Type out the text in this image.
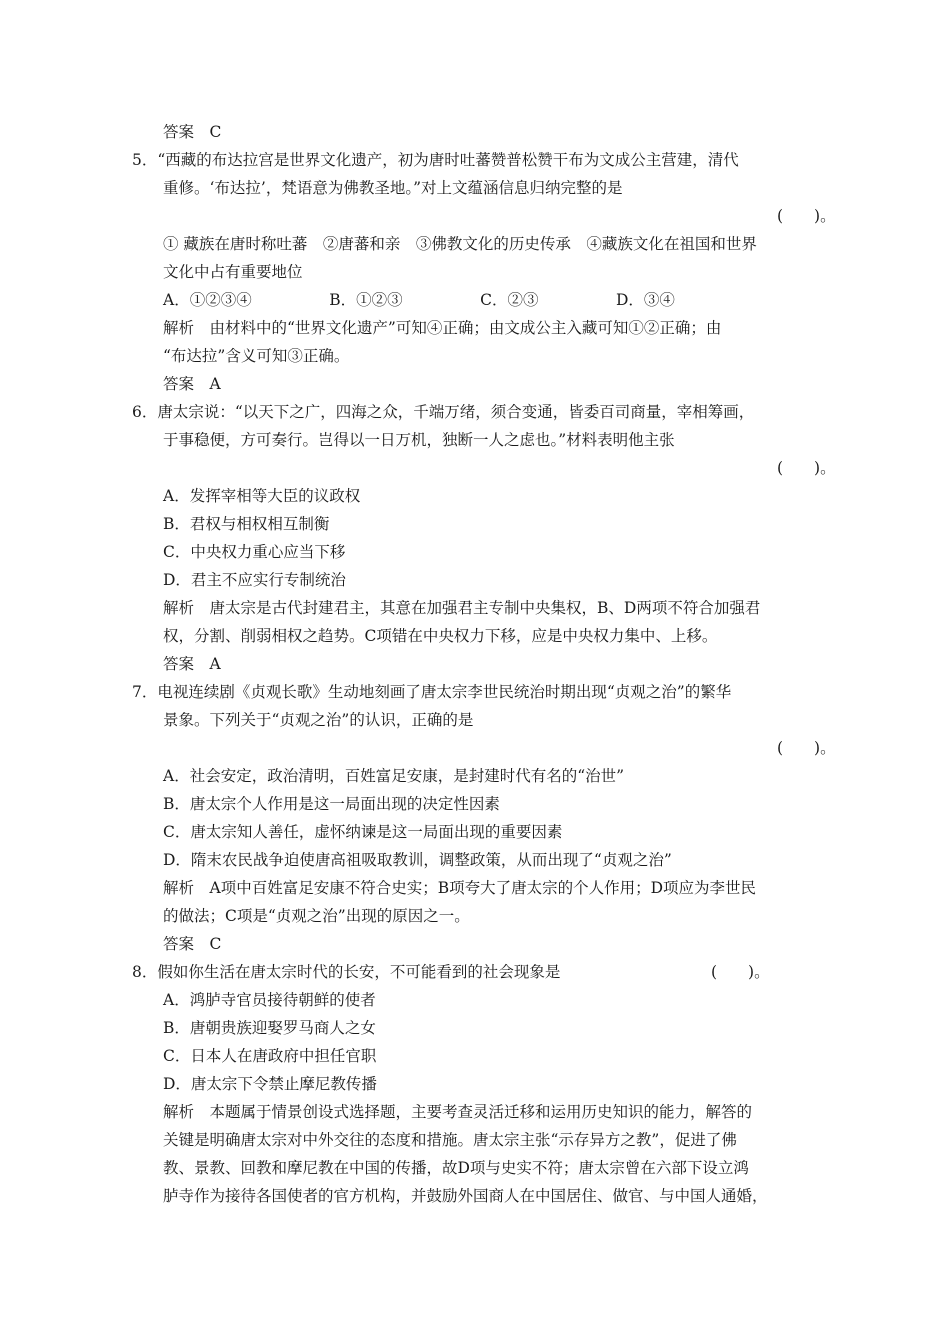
答案　C
5．“西藏的布达拉宫是世界文化遗产，初为唐时吐蕃赞普松赞干布为文成公主营建，清代
重修。‘布达拉’，梵语意为佛教圣地。”对上文蕴涵信息归纳完整的是
(　　)。
① 藏族在唐时称吐蕃　②唐蕃和亲　③佛教文化的历史传承　④藏族文化在祖国和世界
文化中占有重要地位
A．①②③④　　　　　B．①②③　　　　　C．②③　　　　　D．③④
解析　由材料中的“世界文化遗产”可知④正确；由文成公主入藏可知①②正确；由
“布达拉”含义可知③正确。
答案　A
6．唐太宗说：“以天下之广，四海之众，千端万绪，须合变通，皆委百司商量，宰相筹画，
于事稳便，方可奏行。岂得以一日万机，独断一人之虑也。”材料表明他主张
(　　)。
A．发挥宰相等大臣的议政权
B．君权与相权相互制衡
C．中央权力重心应当下移
D．君主不应实行专制统治
解析　唐太宗是古代封建君主，其意在加强君主专制中央集权，B、D两项不符合加强君
权，分割、削弱相权之趋势。C项错在中央权力下移，应是中央权力集中、上移。
答案　A
7．电视连续剧《贞观长歌》生动地刻画了唐太宗李世民统治时期出现“贞观之治”的繁华
景象。下列关于“贞观之治”的认识，正确的是
(　　)。
A．社会安定，政治清明，百姓富足安康，是封建时代有名的“治世”
B．唐太宗个人作用是这一局面出现的决定性因素
C．唐太宗知人善任，虚怀纳谏是这一局面出现的重要因素
D．隋末农民战争迫使唐高祖吸取教训，调整政策，从而出现了“贞观之治”
解析　A项中百姓富足安康不符合史实；B项夸大了唐太宗的个人作用；D项应为李世民
的做法；C项是“贞观之治”出现的原因之一。
答案　C
8．假如你生活在唐太宗时代的长安，不可能看到的社会现象是	(　　)。
A．鸿胪寺官员接待朝鲜的使者
B．唐朝贵族迎娶罗马商人之女
C．日本人在唐政府中担任官职
D．唐太宗下令禁止摩尼教传播
解析　本题属于情景创设式选择题，主要考查灵活迁移和运用历史知识的能力，解答的
关键是明确唐太宗对中外交往的态度和措施。唐太宗主张“示存异方之教”，促进了佛
教、景教、回教和摩尼教在中国的传播，故D项与史实不符；唐太宗曾在六部下设立鸿
胪寺作为接待各国使者的官方机构，并鼓励外国商人在中国居住、做官、与中国人通婚，
